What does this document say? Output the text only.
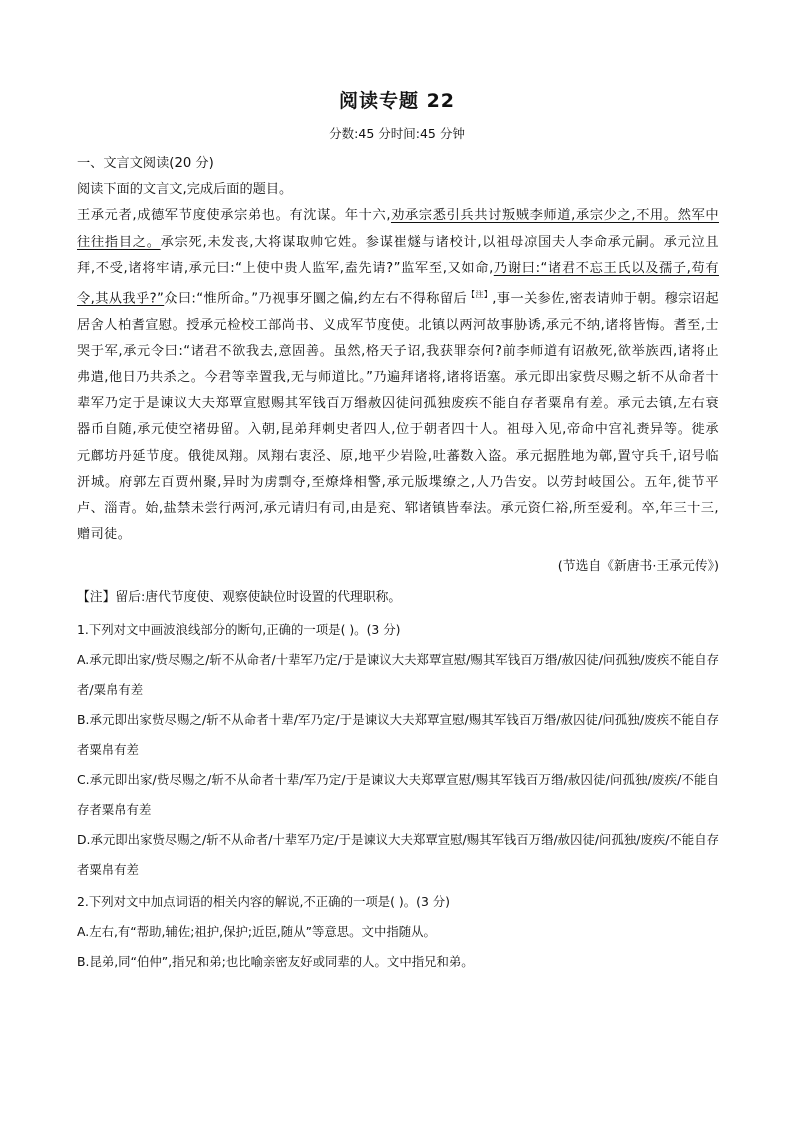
阅读专题 22
分数:45 分时间:45 分钟
一、文言文阅读(20 分)
阅读下面的文言文,完成后面的题目。
王承元者,成德军节度使承宗弟也。有沈谋。年十六,劝承宗悉引兵共讨叛贼李师道,承宗少之,不用。然军中往往指目之。承宗死,未发丧,大将谋取帅它姓。参谋崔燧与诸校计,以祖母凉国夫人李命承元嗣。承元泣且拜,不受,诸将牢请,承元曰:“上使中贵人监军,盍先请?”监军至,又如命,乃谢曰:“诸君不忘王氏以及孺子,苟有令,其从我乎?”众曰:“惟所命。”乃视事牙圜之偏,约左右不得称留后$^{【注】}$,事一关参佐,密表请帅于朝。穆宗诏起居舍人柏耆宣慰。授承元检校工部尚书、义成军节度使。北镇以两河故事胁诱,承元不纳,诸将皆悔。耆至,士哭于军,承元令曰:“诸君不欲我去,意固善。虽然,格天子诏,我获罪奈何?前李师道有诏赦死,欲举族西,诸将止弗遣,他日乃共杀之。今君等幸置我,无与师道比。”乃遍拜诸将,诸将语塞。承元即出家赀尽赐之斩不从命者十辈军乃定于是谏议大夫郑覃宣慰赐其军钱百万缗赦囚徒问孤独废疾不能自存者粟帛有差。承元去镇,左右衰器币自随,承元使空褚毋留。入朝,昆弟拜刺史者四人,位于朝者四十人。祖母入见,帝命中宫礼赉异等。徙承元鄜坊丹延节度。俄徙凤翔。凤翔右衷泾、原,地平少岩险,吐蕃数入盗。承元据胜地为鄣,置守兵千,诏号临汧城。府郭左百贾州聚,异时为虏剽夺,至燎烽相警,承元版堞缭之,人乃告安。以劳封岐国公。五年,徙节平卢、淄青。始,盐禁未尝行两河,承元请归有司,由是兖、郓诸镇皆奉法。承元资仁裕,所至爱利。卒,年三十三,赠司徒。
(节选自《新唐书·王承元传》)
【注】留后:唐代节度使、观察使缺位时设置的代理职称。
1.下列对文中画波浪线部分的断句,正确的一项是( )。(3 分)
A.承元即出家/赀尽赐之/斩不从命者/十辈军乃定/于是谏议大夫郑覃宣慰/赐其军钱百万缗/赦囚徒/问孤独/废疾不能自存者/粟帛有差
B.承元即出家赀尽赐之/斩不从命者十辈/军乃定/于是谏议大夫郑覃宣慰/赐其军钱百万缗/赦囚徒/问孤独/废疾不能自存者粟帛有差
C.承元即出家/赀尽赐之/斩不从命者十辈/军乃定/于是谏议大夫郑覃宣慰/赐其军钱百万缗/赦囚徒/问孤独/废疾/不能自存者粟帛有差
D.承元即出家赀尽赐之/斩不从命者/十辈军乃定/于是谏议大夫郑覃宣慰/赐其军钱百万缗/赦囚徒/问孤独/废疾/不能自存者粟帛有差
2.下列对文中加点词语的相关内容的解说,不正确的一项是( )。(3 分)
A.左右,有“帮助,辅佐;祖护,保护;近臣,随从”等意思。文中指随从。
B.昆弟,同“伯仲”,指兄和弟;也比喻亲密友好或同辈的人。文中指兄和弟。
